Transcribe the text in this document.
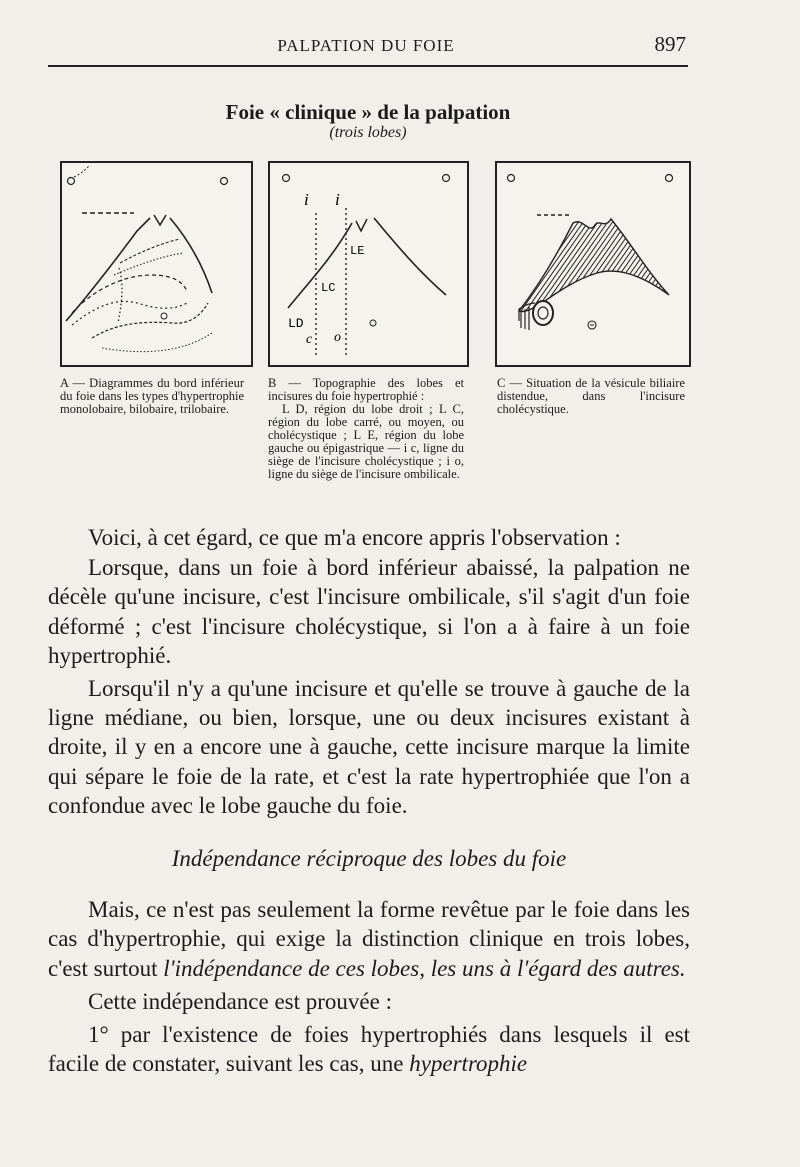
PALPATION DU FOIE	897
Foie « clinique » de la palpation
(trois lobes)
i i
LE
LC
LD
c o
A — Diagrammes du bord inférieur du foie dans les types d'hypertrophie monolobaire, bilobaire, trilobaire.
B — Topographie des lobes et incisures du foie hypertrophié :
L D, région du lobe droit ; L C, région du lobe carré, ou moyen, ou cholécystique ; L E, région du lobe gauche ou épigastrique — i c, ligne du siège de l'incisure cholécystique ; i o, ligne du siège de l'incisure ombilicale.
C — Situation de la vésicule biliaire distendue, dans l'incisure cholécystique.

Voici, à cet égard, ce que m'a encore appris l'observation :

Lorsque, dans un foie à bord inférieur abaissé, la palpation ne décèle qu'une incisure, c'est l'incisure ombilicale, s'il s'agit d'un foie déformé ; c'est l'incisure cholécystique, si l'on a à faire à un foie hypertrophié.

Lorsqu'il n'y a qu'une incisure et qu'elle se trouve à gauche de la ligne médiane, ou bien, lorsque, une ou deux incisures existant à droite, il y en a encore une à gauche, cette incisure marque la limite qui sépare le foie de la rate, et c'est la rate hypertrophiée que l'on a confondue avec le lobe gauche du foie.

Indépendance réciproque des lobes du foie

Mais, ce n'est pas seulement la forme revêtue par le foie dans les cas d'hypertrophie, qui exige la distinction clinique en trois lobes, c'est surtout l'indépendance de ces lobes, les uns à l'égard des autres.

Cette indépendance est prouvée :

1° par l'existence de foies hypertrophiés dans lesquels il est facile de constater, suivant les cas, une hypertrophie
